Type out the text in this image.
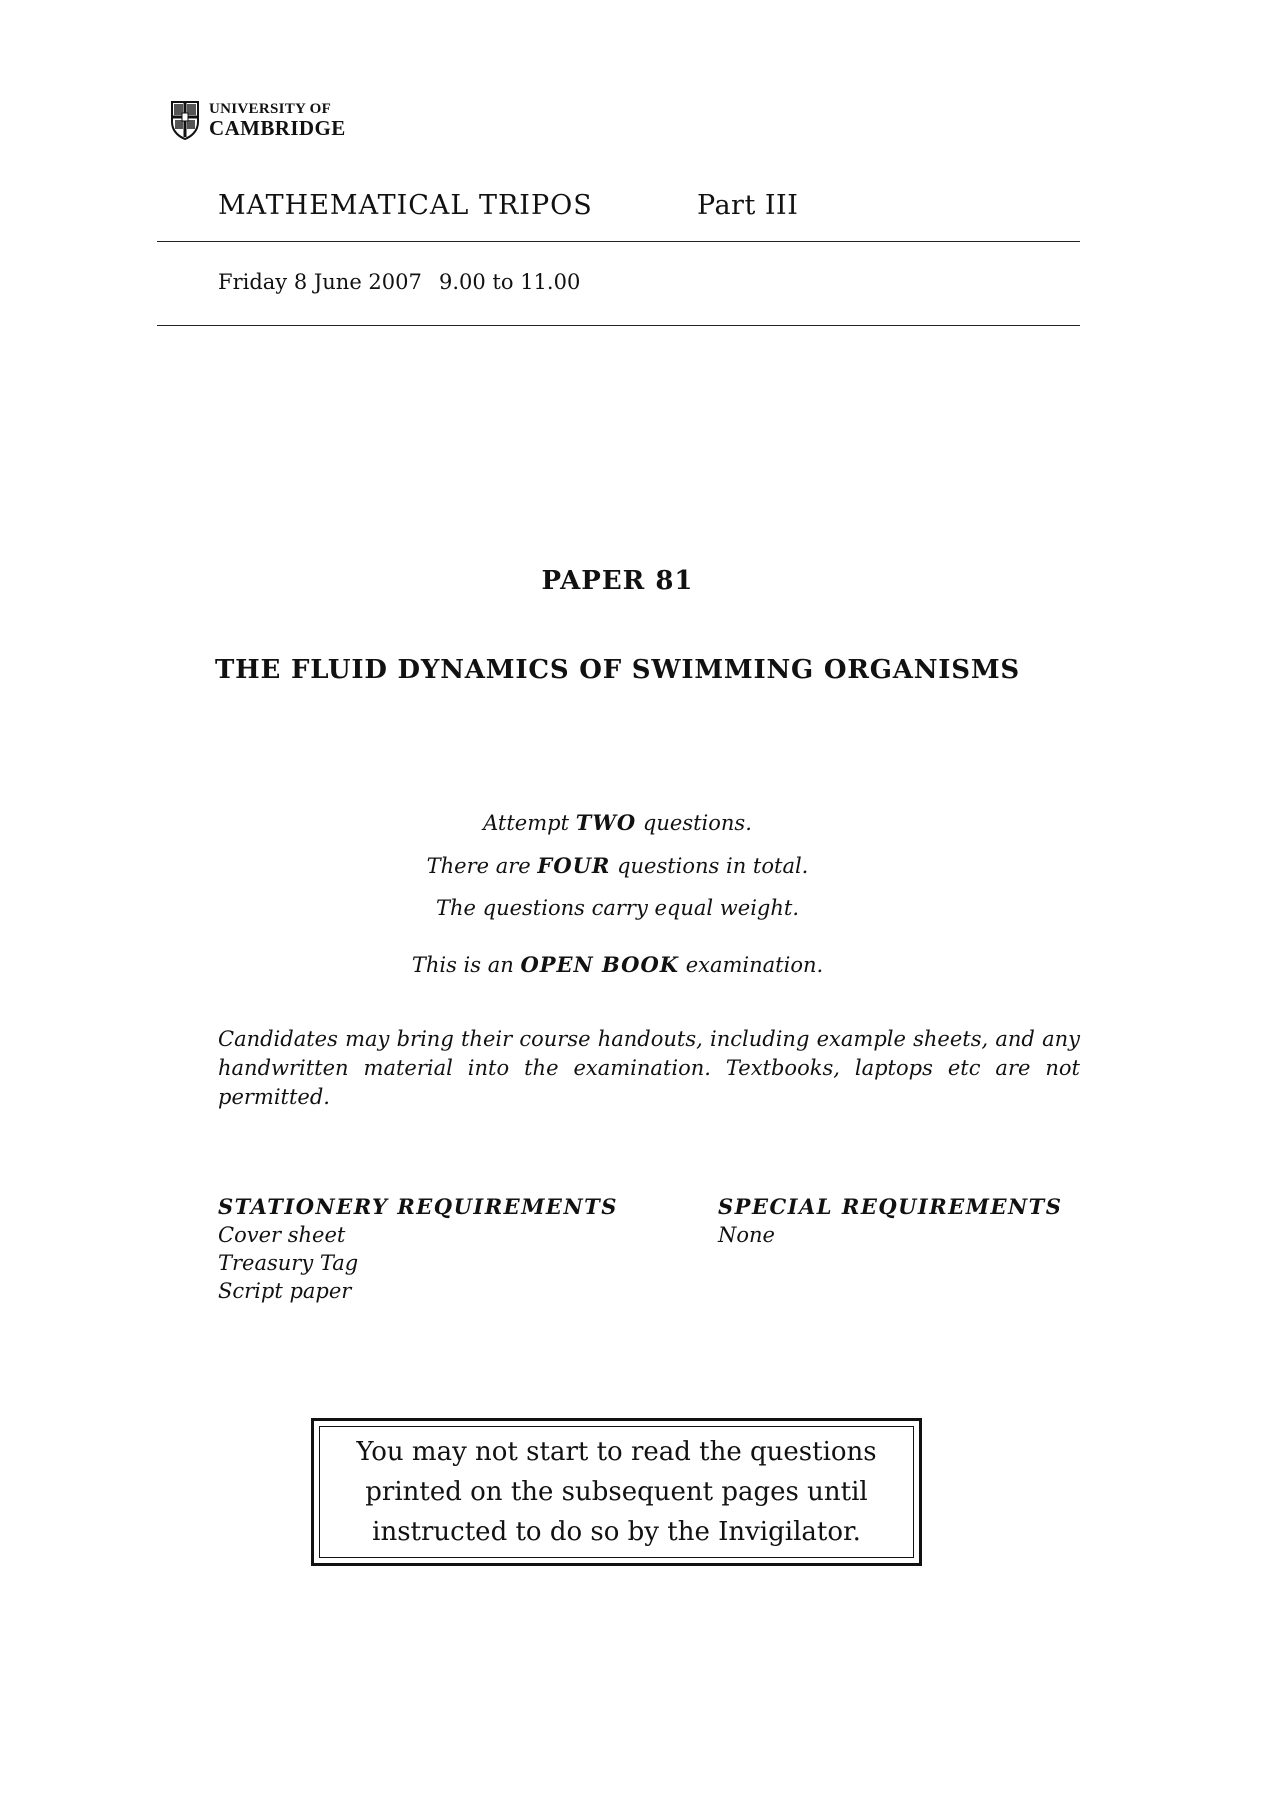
UNIVERSITY OF
CAMBRIDGE
MATHEMATICAL TRIPOS	Part III
Friday 8 June 2007 9.00 to 11.00
PAPER 81
THE FLUID DYNAMICS OF SWIMMING ORGANISMS
Attempt TWO questions.
There are FOUR questions in total.
The questions carry equal weight.
This is an OPEN BOOK examination.
Candidates may bring their course handouts, including example sheets, and any handwritten material into the examination. Textbooks, laptops etc are not permitted.
STATIONERY REQUIREMENTS
Cover sheet
Treasury Tag
Script paper
SPECIAL REQUIREMENTS
None
You may not start to read the questions
printed on the subsequent pages until
instructed to do so by the Invigilator.
